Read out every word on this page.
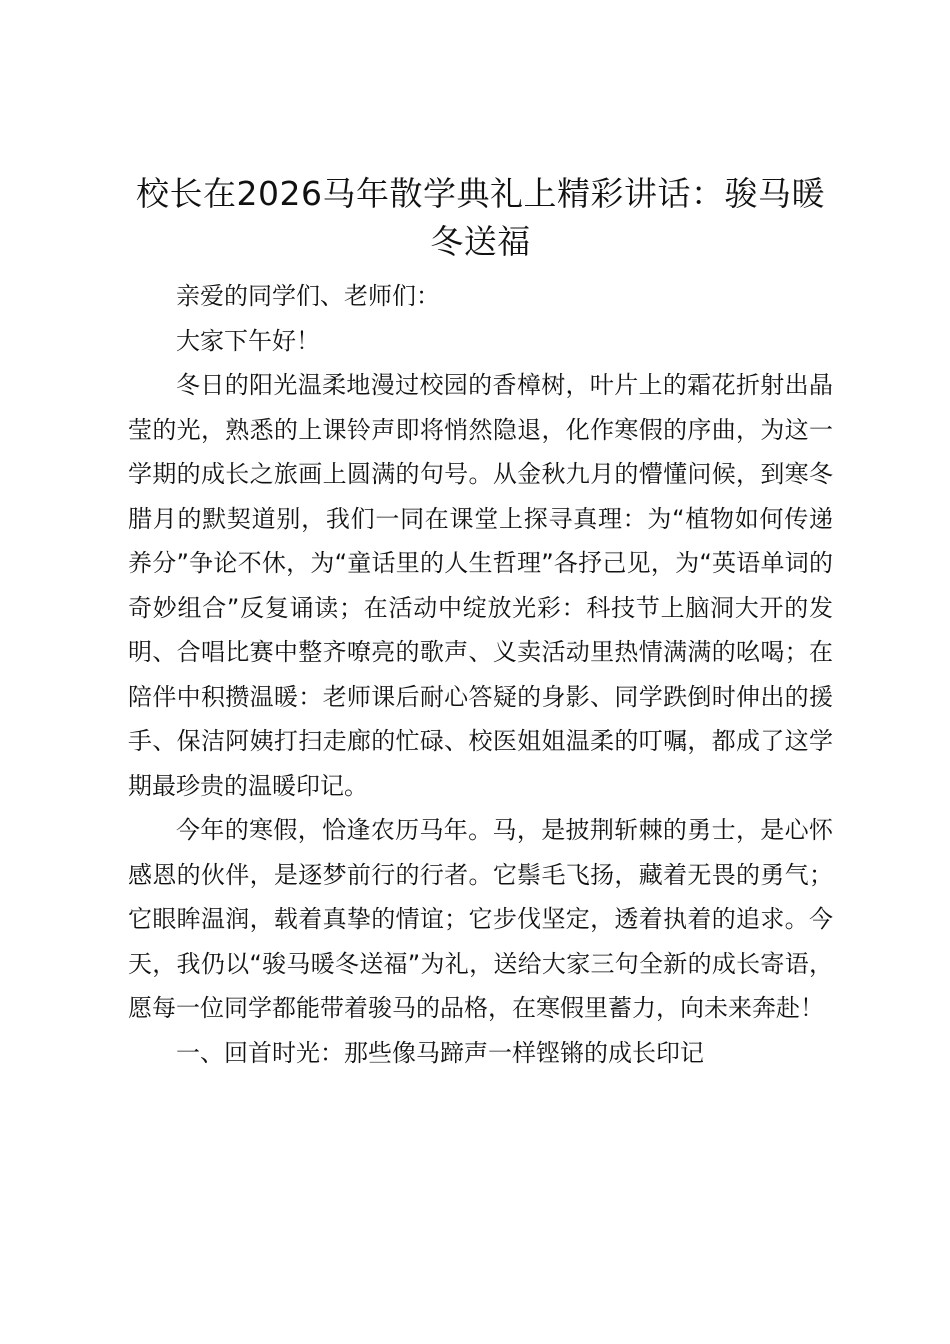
校长在2026马年散学典礼上精彩讲话：骏马暖冬送福

亲爱的同学们、老师们：

大家下午好！

冬日的阳光温柔地漫过校园的香樟树，叶片上的霜花折射出晶莹的光，熟悉的上课铃声即将悄然隐退，化作寒假的序曲，为这一学期的成长之旅画上圆满的句号。从金秋九月的懵懂问候，到寒冬腊月的默契道别，我们一同在课堂上探寻真理：为“植物如何传递养分”争论不休，为“童话里的人生哲理”各抒己见，为“英语单词的奇妙组合”反复诵读；在活动中绽放光彩：科技节上脑洞大开的发明、合唱比赛中整齐嘹亮的歌声、义卖活动里热情满满的吆喝；在陪伴中积攒温暖：老师课后耐心答疑的身影、同学跌倒时伸出的援手、保洁阿姨打扫走廊的忙碌、校医姐姐温柔的叮嘱，都成了这学期最珍贵的温暖印记。

今年的寒假，恰逢农历马年。马，是披荆斩棘的勇士，是心怀感恩的伙伴，是逐梦前行的行者。它鬃毛飞扬，藏着无畏的勇气；它眼眸温润，载着真挚的情谊；它步伐坚定，透着执着的追求。今天，我仍以“骏马暖冬送福”为礼，送给大家三句全新的成长寄语，愿每一位同学都能带着骏马的品格，在寒假里蓄力，向未来奔赴！

一、回首时光：那些像马蹄声一样铿锵的成长印记
